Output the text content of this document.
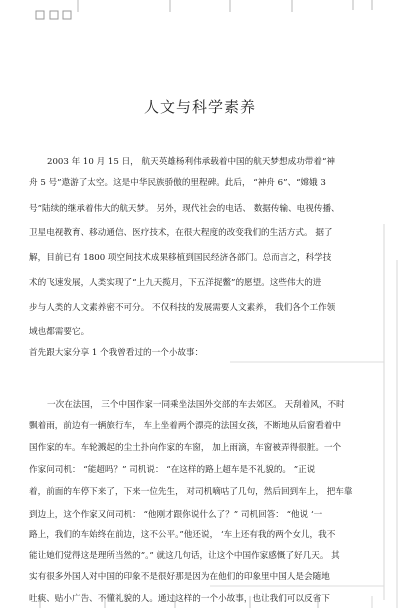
人文与科学素养
2003 年 10 月 15 日， 航天英雄杨利伟承载着中国的航天梦想成功带着“神
舟 5 号”遨游了太空。这是中华民族骄傲的里程碑。此后， “神舟 6”、“嫦娥 3
号”陆续的继承着伟大的航天梦。 另外，现代社会的电话、 数据传输、电视传播、
卫星电视教育、移动通信、医疗技术，在很大程度的改变我们的生活方式。 据了
解，目前已有 1800 项空间技术成果移植到国民经济各部门。总而言之，科学技
术的飞速发展，人类实现了“上九天揽月，下五洋捉鳖”的愿望。这些伟大的进
步与人类的人文素养密不可分。 不仅科技的发展需要人文素养， 我们各个工作领
域也都需要它。
首先跟大家分享 1 个我曾看过的一个小故事：
一次在法国， 三个中国作家一同乘坐法国外交部的车去郊区。 天刮着风，不时
飘着雨，前边有一辆旅行车， 车上坐着两个漂亮的法国女孩，不断地从后窗看着中
国作家的车。车轮溅起的尘土扑向作家的车窗， 加上雨滴，车窗被弄得很脏。一个
作家问司机： “能超吗？” 司机说： “在这样的路上超车是不礼貌的。 ”正说
着，前面的车停下来了，下来一位先生， 对司机嘀咕了几句，然后回到车上， 把车靠
到边上，这个作家又问司机： “他刚才跟你说什么了？” 司机回答： “他说 ‘一
路上，我们的车始终在前边，这不公平。”他还说， ‘车上还有我的两个女儿，我不
能让她们觉得这是理所当然的”。” 就这几句话，让这个中国作家感慨了好几天。 其
实有很多外国人对中国的印象不是很好那是因为在他们的印象里中国人是会随地
吐痰、贴小广告、不懂礼貌的人。通过这样的一个小故事，也让我们可以反省下
